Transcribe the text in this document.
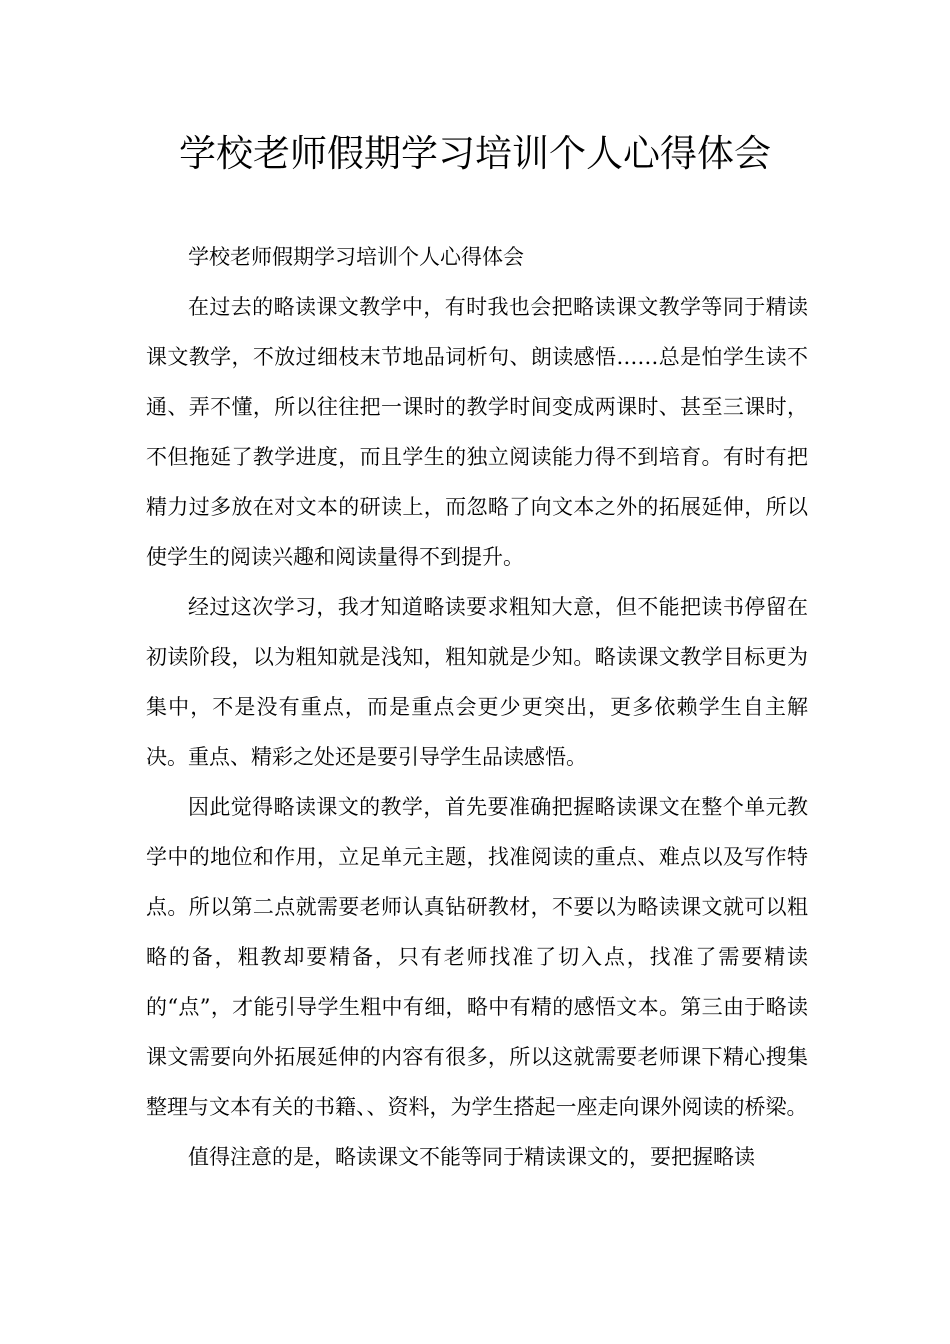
学校老师假期学习培训个人心得体会

学校老师假期学习培训个人心得体会

在过去的略读课文教学中，有时我也会把略读课文教学等同于精读课文教学，不放过细枝末节地品词析句、朗读感悟……总是怕学生读不通、弄不懂，所以往往把一课时的教学时间变成两课时、甚至三课时，不但拖延了教学进度，而且学生的独立阅读能力得不到培育。有时有把精力过多放在对文本的研读上，而忽略了向文本之外的拓展延伸，所以使学生的阅读兴趣和阅读量得不到提升。

经过这次学习，我才知道略读要求粗知大意，但不能把读书停留在初读阶段，以为粗知就是浅知，粗知就是少知。略读课文教学目标更为集中，不是没有重点，而是重点会更少更突出，更多依赖学生自主解决。重点、精彩之处还是要引导学生品读感悟。

因此觉得略读课文的教学，首先要准确把握略读课文在整个单元教学中的地位和作用，立足单元主题，找准阅读的重点、难点以及写作特点。所以第二点就需要老师认真钻研教材，不要以为略读课文就可以粗略的备，粗教却要精备，只有老师找准了切入点，找准了需要精读的“点”，才能引导学生粗中有细，略中有精的感悟文本。第三由于略读课文需要向外拓展延伸的内容有很多，所以这就需要老师课下精心搜集整理与文本有关的书籍、、资料，为学生搭起一座走向课外阅读的桥梁。

值得注意的是，略读课文不能等同于精读课文的，要把握略读
